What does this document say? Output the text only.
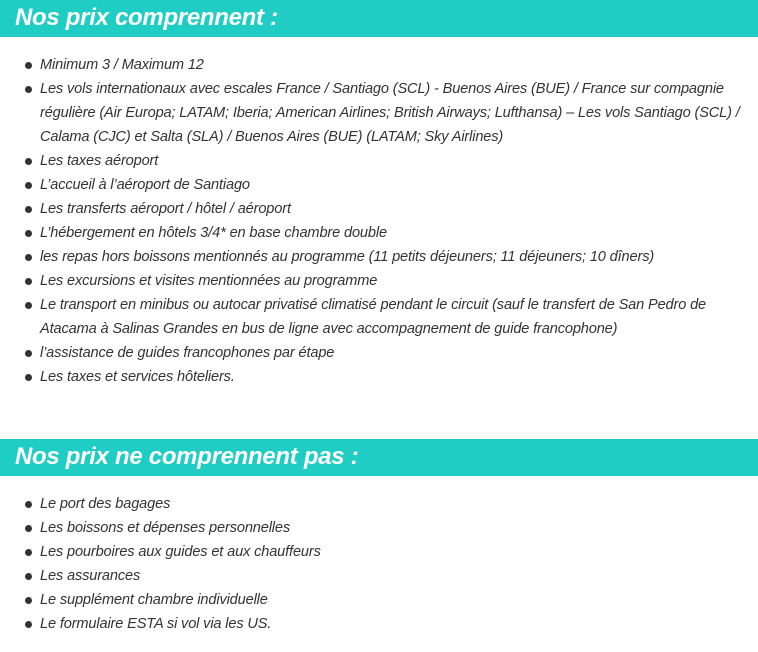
Nos prix comprennent :
Minimum 3 / Maximum 12
Les vols internationaux avec escales France / Santiago (SCL) - Buenos Aires (BUE) / France sur compagnie régulière (Air Europa; LATAM; Iberia; American Airlines; British Airways; Lufthansa) – Les vols Santiago (SCL) / Calama (CJC) et Salta (SLA) / Buenos Aires (BUE) (LATAM; Sky Airlines)
Les taxes aéroport
L’accueil à l’aéroport de Santiago
Les transferts aéroport / hôtel / aéroport
L’hébergement en hôtels 3/4* en base chambre double
les repas hors boissons mentionnés au programme (11 petits déjeuners; 11 déjeuners; 10 dîners)
Les excursions et visites mentionnées au programme
Le transport en minibus ou autocar privatisé climatisé pendant le circuit (sauf le transfert de San Pedro de Atacama à Salinas Grandes en bus de ligne avec accompagnement de guide francophone)
l’assistance de guides francophones par étape
Les taxes et services hôteliers.
Nos prix ne comprennent pas :
Le port des bagages
Les boissons et dépenses personnelles
Les pourboires aux guides et aux chauffeurs
Les assurances
Le supplément chambre individuelle
Le formulaire ESTA si vol via les US.
